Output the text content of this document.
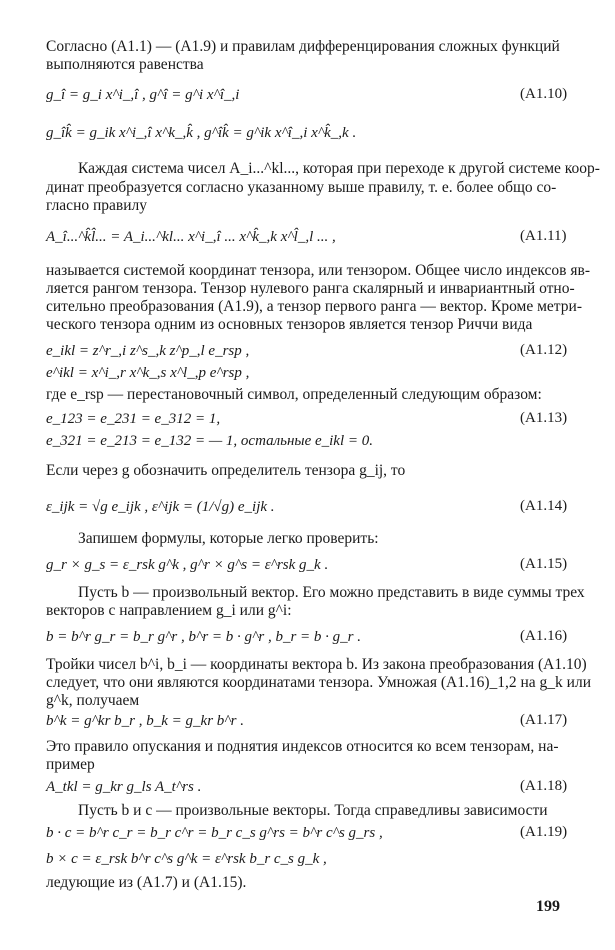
Согласно (A1.1) — (A1.9) и правилам дифференцирования сложных функций
выполняются равенства
g_î = g_i x^i_,î , g^î = g^i x^î_,i	(A1.10)
g_îk̂ = g_ik x^i_,î x^k_,k̂ , g^îk̂ = g^ik x^î_,i x^k̂_,k .
Каждая система чисел A_i...^kl..., которая при переходе к другой системе коор-
динат преобразуется согласно указанному выше правилу, т. е. более общо со-
гласно правилу
A_î...^k̂l̂... = A_i...^kl... x^i_,î ... x^k̂_,k x^l̂_,l ... ,	(A1.11)
называется системой координат тензора, или тензором. Общее число индексов яв-
ляется рангом тензора. Тензор нулевого ранга скалярный и инвариантный отно-
сительно преобразования (A1.9), а тензор первого ранга — вектор. Кроме метри-
ческого тензора одним из основных тензоров является тензор Риччи вида
e_ikl = z^r_,i z^s_,k z^p_,l e_rsp ,	(A1.12)
e^ikl = x^i_,r x^k_,s x^l_,p e^rsp ,
где e_rsp — перестановочный символ, определенный следующим образом:
e_123 = e_231 = e_312 = 1,	(A1.13)
e_321 = e_213 = e_132 = — 1, остальные e_ikl = 0.
Если через g обозначить определитель тензора g_ij, то
ε_ijk = √g e_ijk , ε^ijk = (1/√g) e_ijk .	(A1.14)
Запишем формулы, которые легко проверить:
g_r × g_s = ε_rsk g^k , g^r × g^s = ε^rsk g_k .	(A1.15)
Пусть b — произвольный вектор. Его можно представить в виде суммы трех
векторов с направлением g_i или g^i:
b = b^r g_r = b_r g^r , b^r = b · g^r , b_r = b · g_r .	(A1.16)
Тройки чисел b^i, b_i — координаты вектора b. Из закона преобразования (A1.10)
следует, что они являются координатами тензора. Умножая (A1.16)_1,2 на g_k или
g^k, получаем
b^k = g^kr b_r , b_k = g_kr b^r .	(A1.17)
Это правило опускания и поднятия индексов относится ко всем тензорам, на-
пример
A_tkl = g_kr g_ls A_t^rs .	(A1.18)
Пусть b и c — произвольные векторы. Тогда справедливы зависимости
b · c = b^r c_r = b_r c^r = b_r c_s g^rs = b^r c^s g_rs ,	(A1.19)
b × c = ε_rsk b^r c^s g^k = ε^rsk b_r c_s g_k ,
ледующие из (A1.7) и (A1.15).
199
